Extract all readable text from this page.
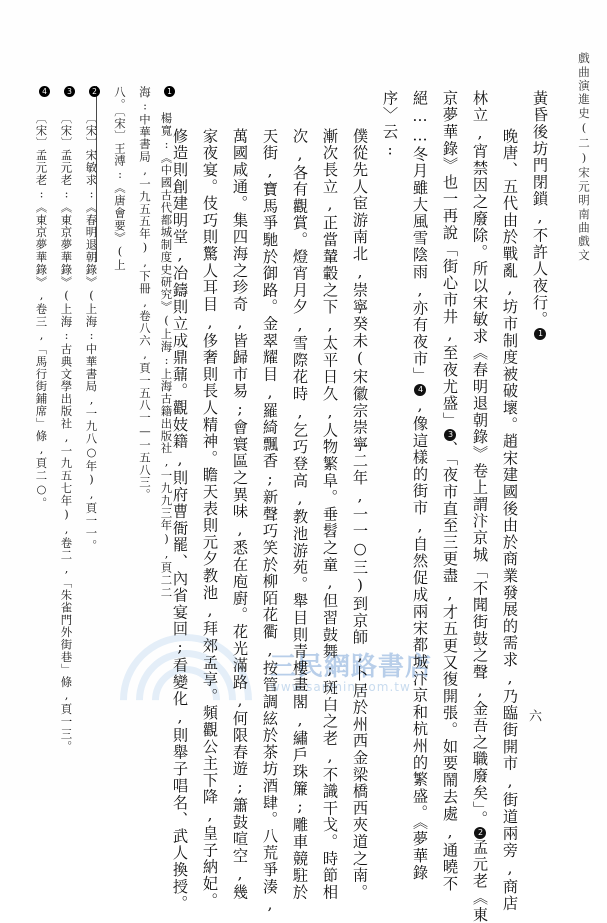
三民網路書店
www.sanmin.com.tw
戲曲演進史(二)宋元明南曲戲文
六
黃昏後坊門閉鎖,不許人夜行。1
晚唐、五代由於戰亂,坊市制度被破壞。趙宋建國後由於商業發展的需求,乃臨街開市,街道兩旁,商店
林立,宵禁因之廢除。所以宋敏求《春明退朝錄》卷上謂汴京城「不聞街鼓之聲,金吾之職廢矣」。2孟元老《東
京夢華錄》也一再說「街心市井,至夜尤盛」3、「夜市直至三更盡,才五更又復開張。如要鬧去處,通曉不
絕……冬月雖大風雪陰雨,亦有夜市」4,像這樣的街市,自然促成兩宋都城汴京和杭州的繁盛。《夢華錄
序〉云:
僕從先人宦游南北,崇寧癸未(宋徽宗崇寧二年,一一○三)到京師,卜居於州西金梁橋西夾道之南。
漸次長立,正當輦轂之下,太平日久,人物繁阜。垂髫之童,但習鼓舞;斑白之老,不識干戈。時節相
次,各有觀賞。燈宵月夕,雪際花時,乞巧登高,教池游苑。舉目則青樓畫閣,繡戶珠簾;雕車競駐於
天街,寶馬爭馳於御路。金翠耀目,羅綺飄香;新聲巧笑於柳陌花衢,按管調絃於茶坊酒肆。八荒爭湊,
萬國咸通。集四海之珍奇,皆歸市易;會寰區之異味,悉在庖廚。花光滿路,何限春遊;簫鼓喧空,幾
家夜宴。伎巧則驚人耳目,侈奢則長人精神。瞻天表則元夕教池,拜郊孟享。頻觀公主下降,皇子納妃。
修造則創建明堂,冶鑄則立成鼎鼐。觀妓籍,則府曹衙罷、內省宴回;看變化,則舉子唱名、武人換授。
1 楊寬:《中國古代都城制度史研究》(上海:上海古籍出版社,一九九三年),頁二二
海:中華書局,一九五五年),下冊,卷八六,頁一五八一—一五八三。
八。〔宋〕王溥:《唐會要》(上
2 〔宋〕宋敏求:《春明退朝錄》(上海:中華書局,一九八○年),頁一一。
3 〔宋〕孟元老:《東京夢華錄》(上海:古典文學出版社,一九五七年),卷二,「朱雀門外街巷」條,頁一三。
4 〔宋〕孟元老:《東京夢華錄》,卷三,「馬行街鋪席」條,頁二○。
